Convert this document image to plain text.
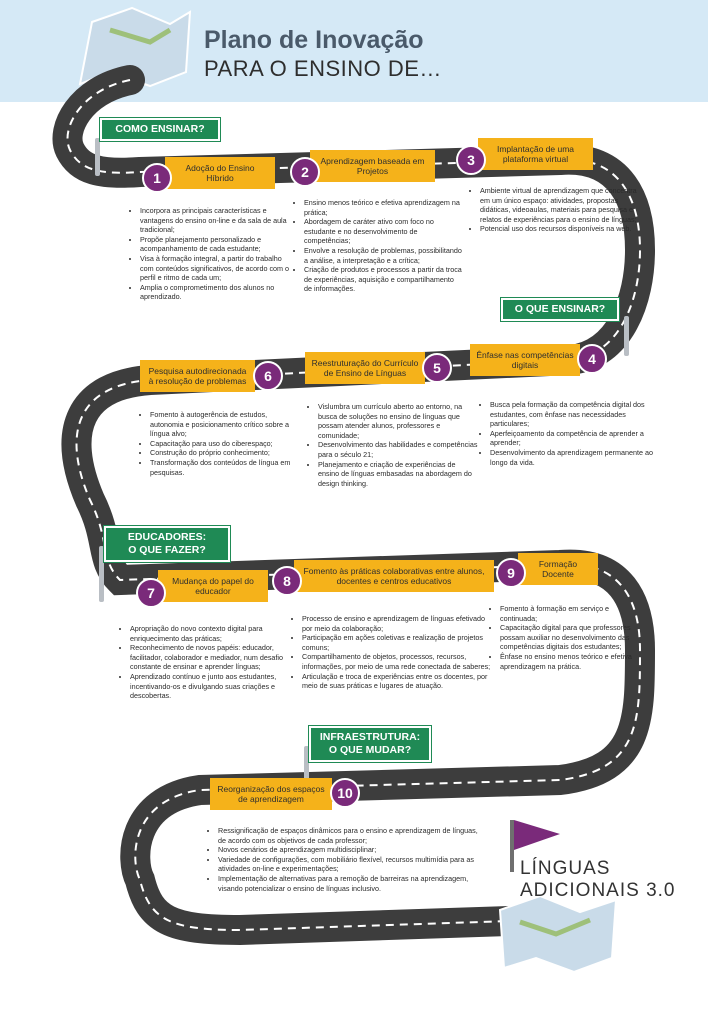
Plano de Inovação
PARA O ENSINO DE…
COMO ENSINAR?
O QUE ENSINAR?
EDUCADORES:
O QUE FAZER?
INFRAESTRUTURA:
O QUE MUDAR?
Adoção do Ensino Híbrido
1
Aprendizagem baseada em Projetos
2
Implantação de uma plataforma virtual
3
Ênfase nas competências digitais	4
Reestruturação do Currículo de Ensino de Línguas	5
Pesquisa autodirecionada à resolução de problemas	6
Mudança do papel do educador
7
Fomento às práticas colaborativas entre alunos, docentes e centros educativos
8
Formação Docente
9
Reorganização dos espaços de aprendizagem	10
• Incorpora as principais características e vantagens do ensino on-line e da sala de aula tradicional;
• Propõe planejamento personalizado e acompanhamento de cada estudante;
• Visa à formação integral, a partir do trabalho com conteúdos significativos, de acordo com o perfil e ritmo de cada um;
• Amplia o comprometimento dos alunos no aprendizado.
• Ensino menos teórico e efetiva aprendizagem na prática;
• Abordagem de caráter ativo com foco no estudante e no desenvolvimento de competências;
• Envolve a resolução de problemas, possibilitando a análise, a interpretação e a crítica;
• Criação de produtos e processos a partir da troca de experiências, aquisição e compartilhamento de informações.
• Ambiente virtual de aprendizagem que concentra em um único espaço: atividades, propostas didáticas, videoaulas, materiais para pesquisa e relatos de experiências para o ensino de línguas;
• Potencial uso dos recursos disponíveis na web.
• Busca pela formação da competência digital dos estudantes, com ênfase nas necessidades particulares;
• Aperfeiçoamento da competência de aprender a aprender;
• Desenvolvimento da aprendizagem permanente ao longo da vida.
• Vislumbra um currículo aberto ao entorno, na busca de soluções no ensino de línguas que possam atender alunos, professores e comunidade;
• Desenvolvimento das habilidades e competências para o século 21;
• Planejamento e criação de experiências de ensino de línguas embasadas na abordagem do design thinking.
• Fomento à autogerência de estudos, autonomia e posicionamento crítico sobre a língua alvo;
• Capacitação para uso do ciberespaço;
• Construção do próprio conhecimento;
• Transformação dos conteúdos de língua em pesquisas.
• Apropriação do novo contexto digital para enriquecimento das práticas;
• Reconhecimento de novos papéis: educador, facilitador, colaborador e mediador, num desafio constante de ensinar e aprender línguas;
• Aprendizado contínuo e junto aos estudantes, incentivando-os e divulgando suas criações e descobertas.
• Processo de ensino e aprendizagem de línguas efetivado por meio da colaboração;
• Participação em ações coletivas e realização de projetos comuns;
• Compartilhamento de objetos, processos, recursos, informações, por meio de uma rede conectada de saberes;
• Articulação e troca de experiências entre os docentes, por meio de suas práticas e lugares de atuação.
• Fomento à formação em serviço e continuada;
• Capacitação digital para que professores possam auxiliar no desenvolvimento das competências digitais dos estudantes;
• Ênfase no ensino menos teórico e efetiva aprendizagem na prática.
• Ressignificação de espaços dinâmicos para o ensino e aprendizagem de línguas, de acordo com os objetivos de cada professor;
• Novos cenários de aprendizagem multidisciplinar;
• Variedade de configurações, com mobiliário flexível, recursos multimídia para as atividades on-line e experimentações;
• Implementação de alternativas para a remoção de barreiras na aprendizagem, visando potencializar o ensino de línguas inclusivo.
LÍNGUAS
ADICIONAIS 3.0
